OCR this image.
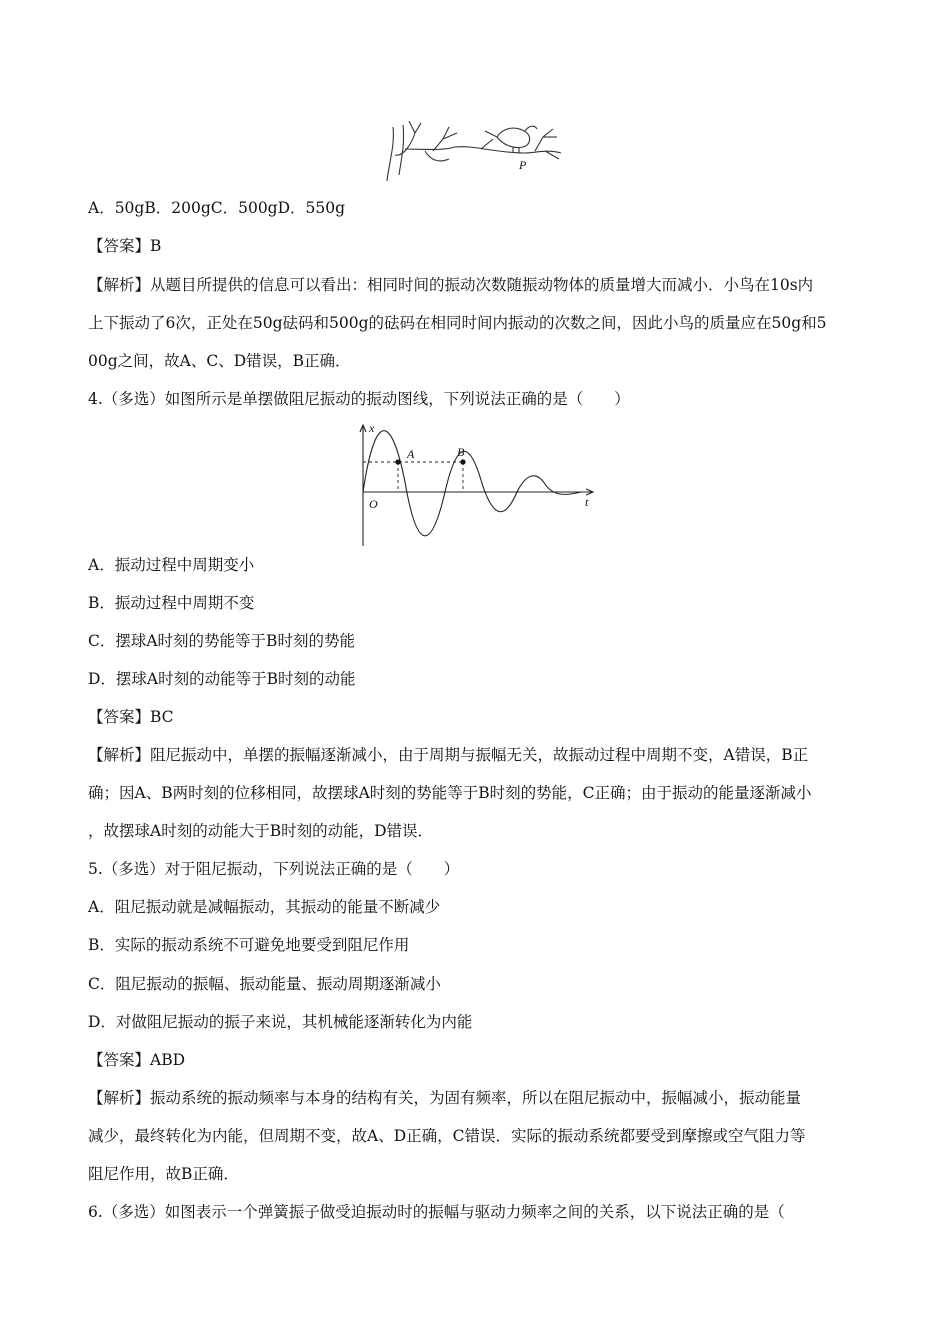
P
A．50gB．200gC．500gD．550g
【答案】B
【解析】从题目所提供的信息可以看出：相同时间的振动次数随振动物体的质量增大而减小．小鸟在10s内
上下振动了6次，正处在50g砝码和500g的砝码在相同时间内振动的次数之间，因此小鸟的质量应在50g和5
00g之间，故A、C、D错误，B正确．
4.（多选）如图所示是单摆做阻尼振动的振动图线，下列说法正确的是（　　）
x
t
O
A	B
A．振动过程中周期变小
B．振动过程中周期不变
C．摆球A时刻的势能等于B时刻的势能
D．摆球A时刻的动能等于B时刻的动能
【答案】BC
【解析】阻尼振动中，单摆的振幅逐渐减小，由于周期与振幅无关，故振动过程中周期不变，A错误，B正
确；因A、B两时刻的位移相同，故摆球A时刻的势能等于B时刻的势能，C正确；由于振动的能量逐渐减小
，故摆球A时刻的动能大于B时刻的动能，D错误．
5.（多选）对于阻尼振动，下列说法正确的是（　　）
A．阻尼振动就是减幅振动，其振动的能量不断减少
B．实际的振动系统不可避免地要受到阻尼作用
C．阻尼振动的振幅、振动能量、振动周期逐渐减小
D．对做阻尼振动的振子来说，其机械能逐渐转化为内能
【答案】ABD
【解析】振动系统的振动频率与本身的结构有关，为固有频率，所以在阻尼振动中，振幅减小，振动能量
减少，最终转化为内能，但周期不变，故A、D正确，C错误．实际的振动系统都要受到摩擦或空气阻力等
阻尼作用，故B正确．
6.（多选）如图表示一个弹簧振子做受迫振动时的振幅与驱动力频率之间的关系，以下说法正确的是（
